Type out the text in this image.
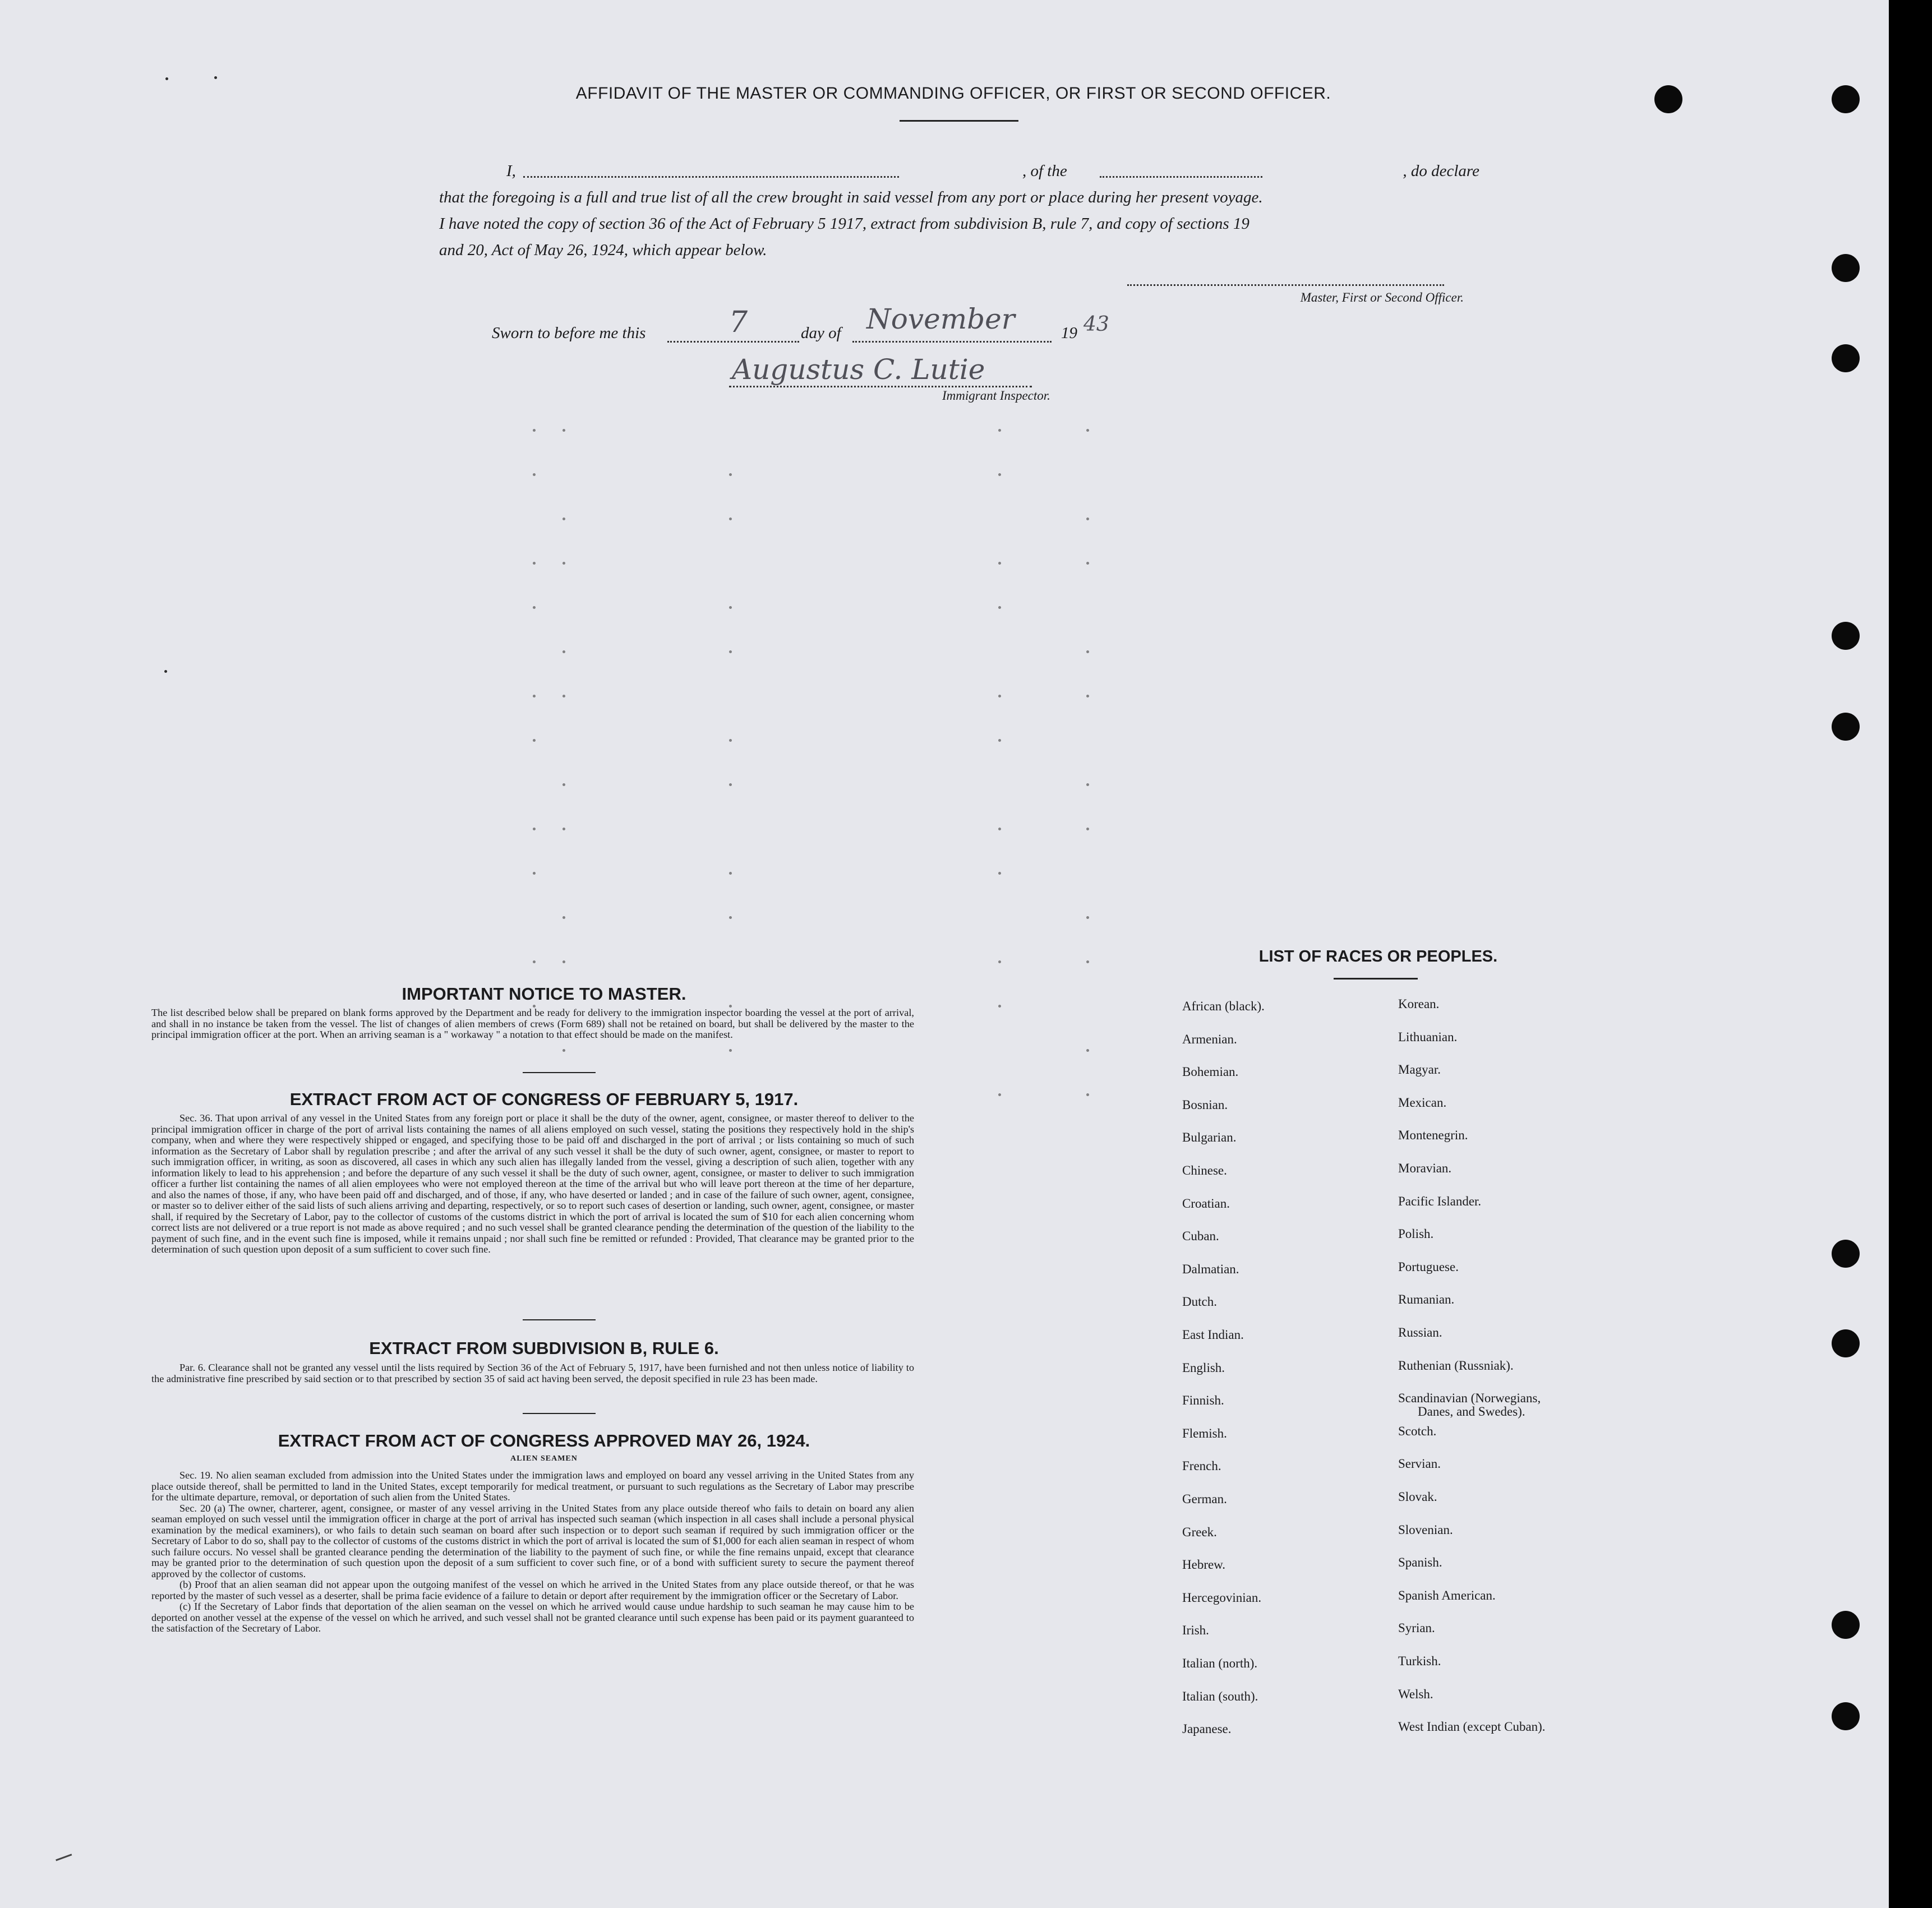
AFFIDAVIT OF THE MASTER OR COMMANDING OFFICER, OR FIRST OR SECOND OFFICER.
I,	, of the	, do declare
that the foregoing is a full and true list of all the crew brought in said vessel from any port or place during her present voyage.
I have noted the copy of section 36 of the Act of February 5 1917, extract from subdivision B, rule 7, and copy of sections 19
and 20, Act of May 26, 1924, which appear below.
Master, First or Second Officer.
Sworn to before me this	7	day of November	19 43
Augustus C. Lutie
Immigrant Inspector.
IMPORTANT NOTICE TO MASTER.
The list described below shall be prepared on blank forms approved by the Department and be ready for delivery to the immigration inspector boarding the vessel at the port of arrival, and shall in no instance be taken from the vessel. The list of changes of alien members of crews (Form 689) shall not be retained on board, but shall be delivered by the master to the principal immigration officer at the port. When an arriving seaman is a " workaway " a notation to that effect should be made on the manifest.
EXTRACT FROM ACT OF CONGRESS OF FEBRUARY 5, 1917.
Sec. 36. That upon arrival of any vessel in the United States from any foreign port or place it shall be the duty of the owner, agent, consignee, or master thereof to deliver to the principal immigration officer in charge of the port of arrival lists containing the names of all aliens employed on such vessel, stating the positions they respectively hold in the ship's company, when and where they were respectively shipped or engaged, and specifying those to be paid off and discharged in the port of arrival ; or lists containing so much of such information as the Secretary of Labor shall by regulation prescribe ; and after the arrival of any such vessel it shall be the duty of such owner, agent, consignee, or master to report to such immigration officer, in writing, as soon as discovered, all cases in which any such alien has illegally landed from the vessel, giving a description of such alien, together with any information likely to lead to his apprehension ; and before the departure of any such vessel it shall be the duty of such owner, agent, consignee, or master to deliver to such immigration officer a further list containing the names of all alien employees who were not employed thereon at the time of the arrival but who will leave port thereon at the time of her departure, and also the names of those, if any, who have been paid off and discharged, and of those, if any, who have deserted or landed ; and in case of the failure of such owner, agent, consignee, or master so to deliver either of the said lists of such aliens arriving and departing, respectively, or so to report such cases of desertion or landing, such owner, agent, consignee, or master shall, if required by the Secretary of Labor, pay to the collector of customs of the customs district in which the port of arrival is located the sum of $10 for each alien concerning whom correct lists are not delivered or a true report is not made as above required ; and no such vessel shall be granted clearance pending the determination of the question of the liability to the payment of such fine, and in the event such fine is imposed, while it remains unpaid ; nor shall such fine be remitted or refunded : Provided, That clearance may be granted prior to the determination of such question upon deposit of a sum sufficient to cover such fine.
EXTRACT FROM SUBDIVISION B, RULE 6.
Par. 6. Clearance shall not be granted any vessel until the lists required by Section 36 of the Act of February 5, 1917, have been furnished and not then unless notice of liability to the administrative fine prescribed by said section or to that prescribed by section 35 of said act having been served, the deposit specified in rule 23 has been made.
EXTRACT FROM ACT OF CONGRESS APPROVED MAY 26, 1924.
ALIEN SEAMEN
Sec. 19. No alien seaman excluded from admission into the United States under the immigration laws and employed on board any vessel arriving in the United States from any place outside thereof, shall be permitted to land in the United States, except temporarily for medical treatment, or pursuant to such regulations as the Secretary of Labor may prescribe for the ultimate departure, removal, or deportation of such alien from the United States.
Sec. 20 (a) The owner, charterer, agent, consignee, or master of any vessel arriving in the United States from any place outside thereof who fails to detain on board any alien seaman employed on such vessel until the immigration officer in charge at the port of arrival has inspected such seaman (which inspection in all cases shall include a personal physical examination by the medical examiners), or who fails to detain such seaman on board after such inspection or to deport such seaman if required by such immigration officer or the Secretary of Labor to do so, shall pay to the collector of customs of the customs district in which the port of arrival is located the sum of $1,000 for each alien seaman in respect of whom such failure occurs. No vessel shall be granted clearance pending the determination of the liability to the payment of such fine, or while the fine remains unpaid, except that clearance may be granted prior to the determination of such question upon the deposit of a sum sufficient to cover such fine, or of a bond with sufficient surety to secure the payment thereof approved by the collector of customs.
(b) Proof that an alien seaman did not appear upon the outgoing manifest of the vessel on which he arrived in the United States from any place outside thereof, or that he was reported by the master of such vessel as a deserter, shall be prima facie evidence of a failure to detain or deport after requirement by the immigration officer or the Secretary of Labor.
(c) If the Secretary of Labor finds that deportation of the alien seaman on the vessel on which he arrived would cause undue hardship to such seaman he may cause him to be deported on another vessel at the expense of the vessel on which he arrived, and such vessel shall not be granted clearance until such expense has been paid or its payment guaranteed to the satisfaction of the Secretary of Labor.
LIST OF RACES OR PEOPLES.
African (black).
Armenian.
Bohemian.
Bosnian.
Bulgarian.
Chinese.
Croatian.
Cuban.
Dalmatian.
Dutch.
East Indian.
English.
Finnish.
Flemish.
French.
German.
Greek.
Hebrew.
Hercegovinian.
Irish.
Italian (north).
Italian (south).
Japanese.
Korean.
Lithuanian.
Magyar.
Mexican.
Montenegrin.
Moravian.
Pacific Islander.
Polish.
Portuguese.
Rumanian.
Russian.
Ruthenian (Russniak).
Scandinavian (Norwegians,
Danes, and Swedes).
Scotch.
Servian.
Slovak.
Slovenian.
Spanish.
Spanish American.
Syrian.
Turkish.
Welsh.
West Indian (except Cuban).
